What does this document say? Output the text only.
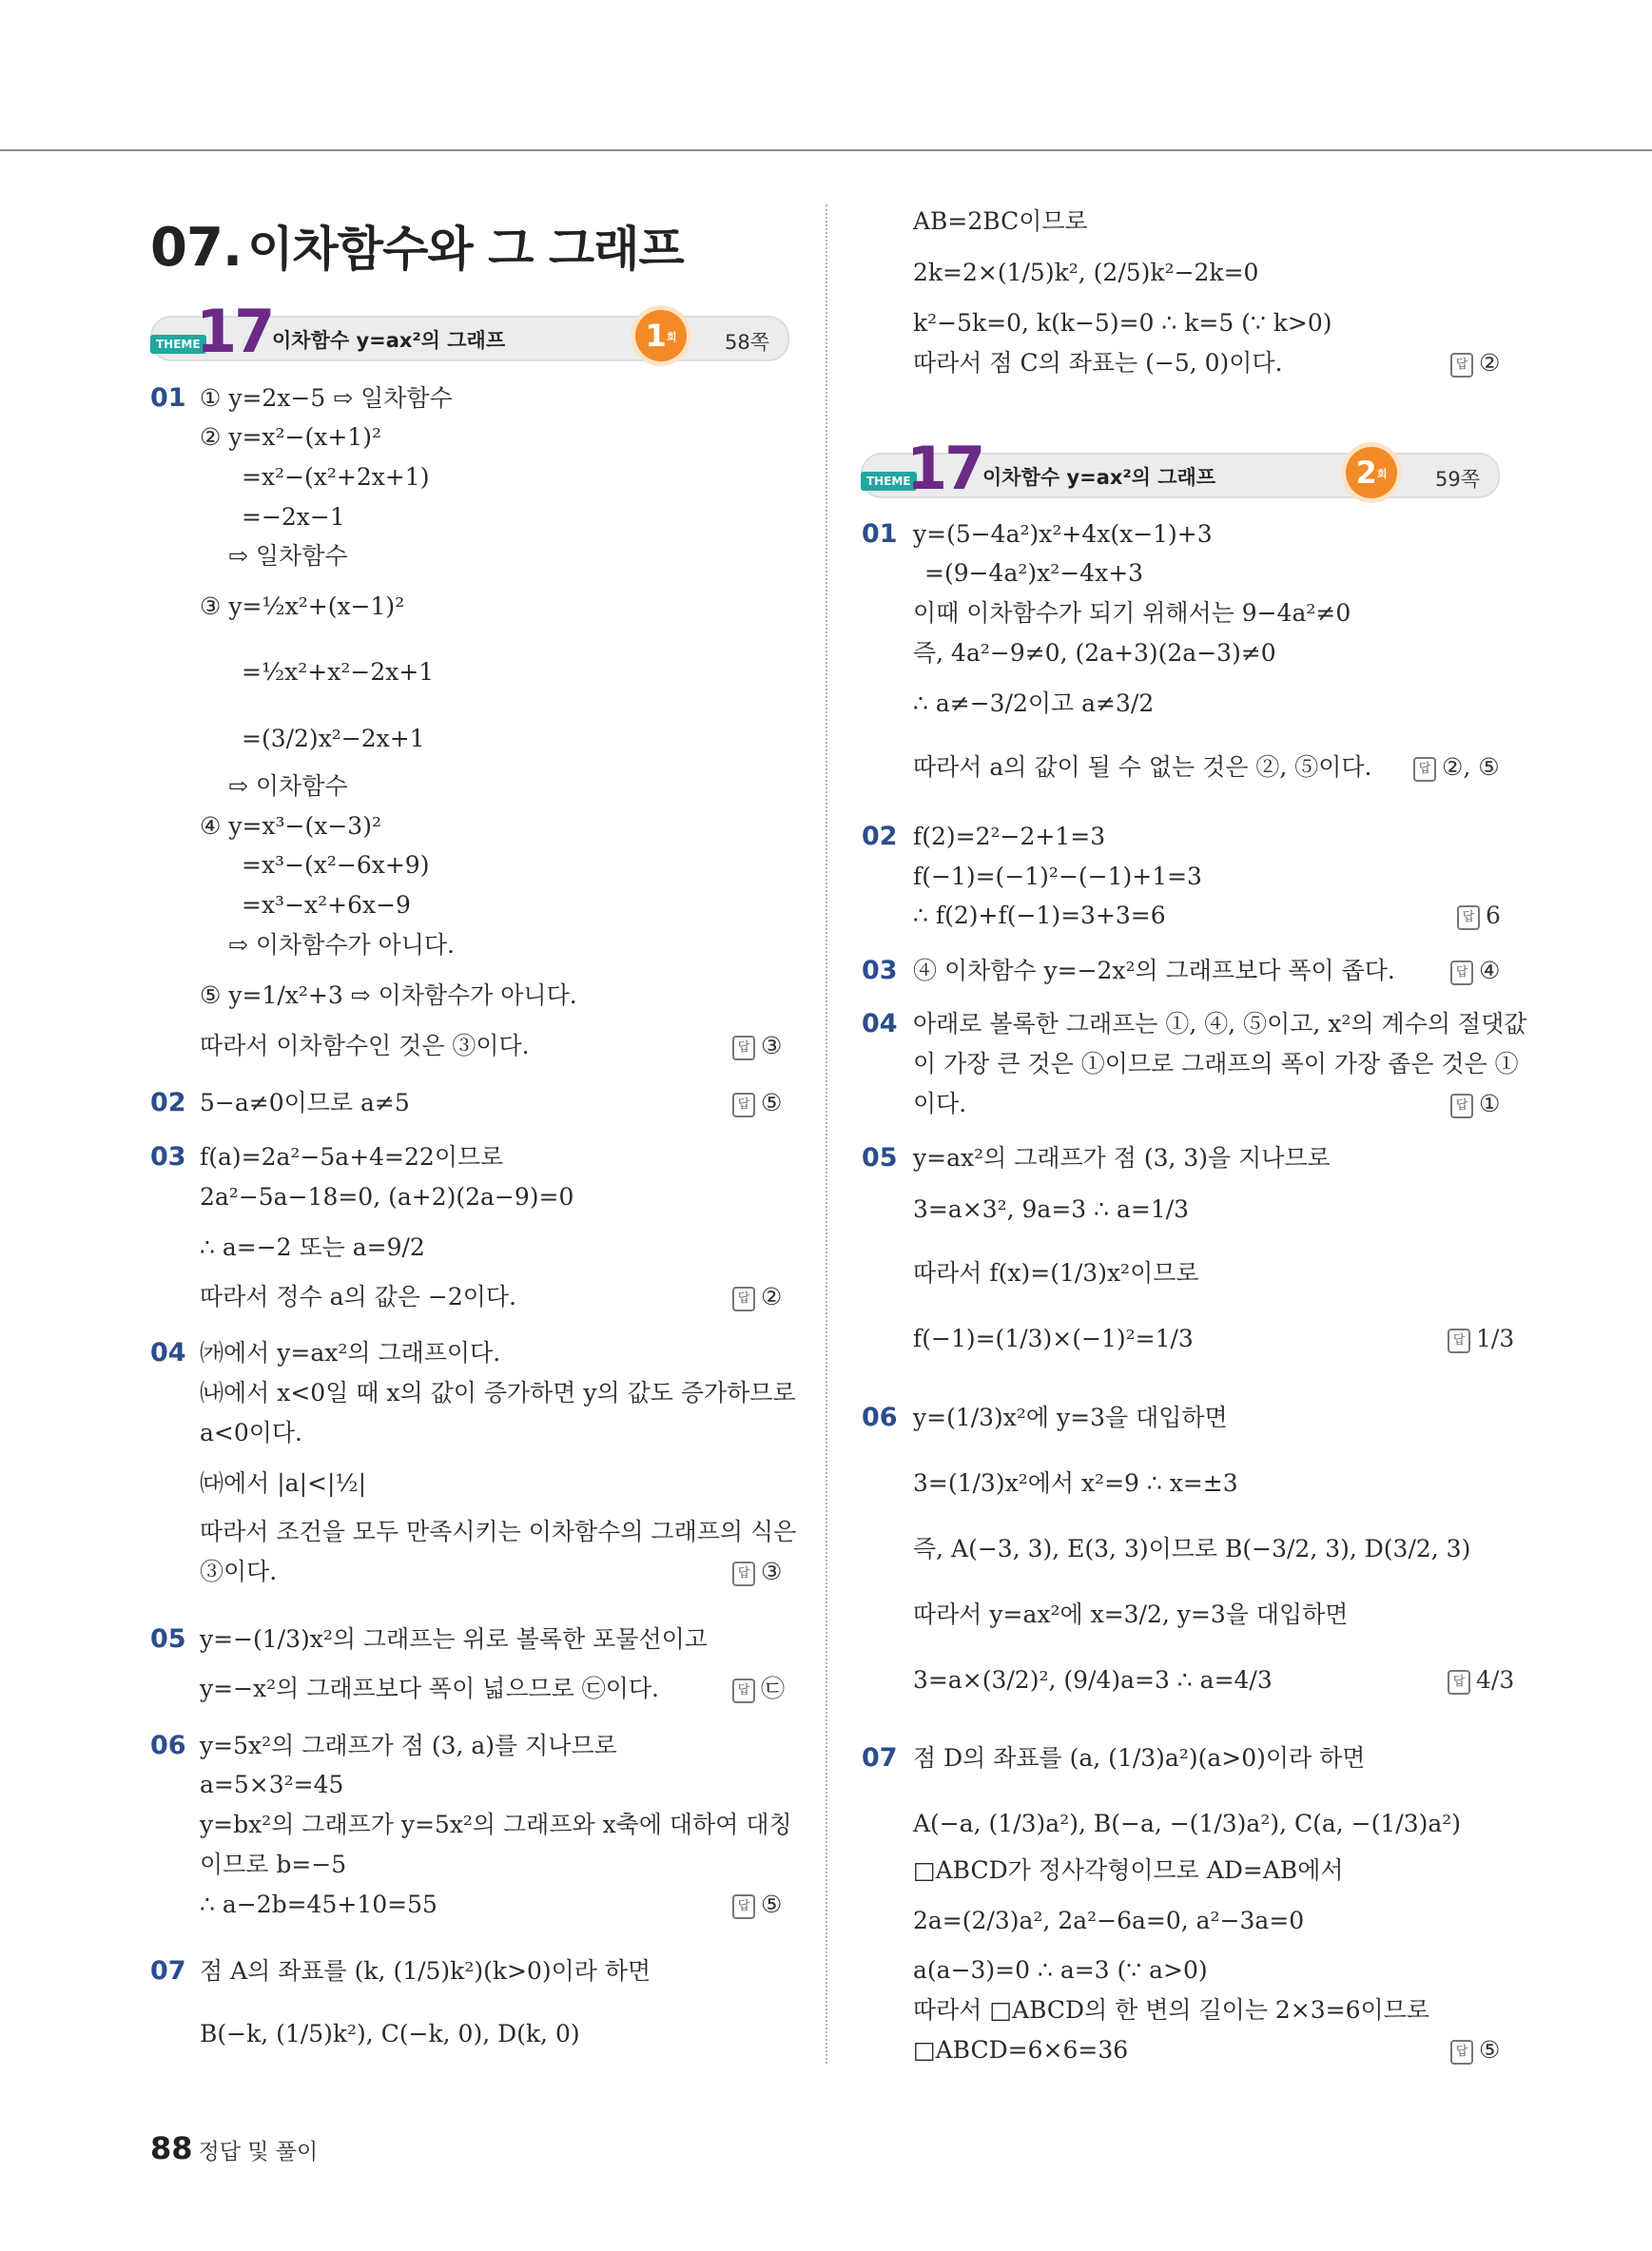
07. 이차함수와 그 그래프
THEME
17 이차함수 y=ax²의 그래프	1회	58쪽
THEME
17 이차함수 y=ax²의 그래프	2회	59쪽
01 ① y=2x−5 ⇨ 일차함수
② y=x²−(x+1)²
=x²−(x²+2x+1)
=−2x−1
⇨ 일차함수
③ y=½x²+(x−1)²
=½x²+x²−2x+1
=(3/2)x²−2x+1
⇨ 이차함수
④ y=x³−(x−3)²
=x³−(x²−6x+9)
=x³−x²+6x−9
⇨ 이차함수가 아니다.
⑤ y=1/x²+3 ⇨ 이차함수가 아니다.
따라서 이차함수인 것은 ③이다.	답 ③
02 5−a≠0이므로 a≠5	답 ⑤
03 f(a)=2a²−5a+4=22이므로
2a²−5a−18=0, (a+2)(2a−9)=0
∴ a=−2 또는 a=9/2
따라서 정수 a의 값은 −2이다.	답 ②
04 ㈎에서 y=ax²의 그래프이다.
㈏에서 x<0일 때 x의 값이 증가하면 y의 값도 증가하므로
a<0이다.
㈐에서 |a|<|½|
따라서 조건을 모두 만족시키는 이차함수의 그래프의 식은
③이다.	답 ③
05 y=−(1/3)x²의 그래프는 위로 볼록한 포물선이고
y=−x²의 그래프보다 폭이 넓으므로 ㉢이다.	답 ㉢
06 y=5x²의 그래프가 점 (3, a)를 지나므로
a=5×3²=45
y=bx²의 그래프가 y=5x²의 그래프와 x축에 대하여 대칭
이므로 b=−5
∴ a−2b=45+10=55	답 ⑤
07 점 A의 좌표를 (k, (1/5)k²)(k>0)이라 하면
B(−k, (1/5)k²), C(−k, 0), D(k, 0)
AB=2BC이므로
2k=2×(1/5)k², (2/5)k²−2k=0
k²−5k=0, k(k−5)=0 ∴ k=5 (∵ k>0)
따라서 점 C의 좌표는 (−5, 0)이다.	답 ②
01 y=(5−4a²)x²+4x(x−1)+3
=(9−4a²)x²−4x+3
이때 이차함수가 되기 위해서는 9−4a²≠0
즉, 4a²−9≠0, (2a+3)(2a−3)≠0
∴ a≠−3/2이고 a≠3/2
따라서 a의 값이 될 수 없는 것은 ②, ⑤이다.	답 ②, ⑤
02 f(2)=2²−2+1=3
f(−1)=(−1)²−(−1)+1=3
∴ f(2)+f(−1)=3+3=6	답 6
03 ④ 이차함수 y=−2x²의 그래프보다 폭이 좁다.	답 ④
04 아래로 볼록한 그래프는 ①, ④, ⑤이고, x²의 계수의 절댓값
이 가장 큰 것은 ①이므로 그래프의 폭이 가장 좁은 것은 ①
이다.	답 ①
05 y=ax²의 그래프가 점 (3, 3)을 지나므로
3=a×3², 9a=3 ∴ a=1/3
따라서 f(x)=(1/3)x²이므로
f(−1)=(1/3)×(−1)²=1/3	답 1/3
06 y=(1/3)x²에 y=3을 대입하면
3=(1/3)x²에서 x²=9 ∴ x=±3
즉, A(−3, 3), E(3, 3)이므로 B(−3/2, 3), D(3/2, 3)
따라서 y=ax²에 x=3/2, y=3을 대입하면
3=a×(3/2)², (9/4)a=3 ∴ a=4/3	답 4/3
07 점 D의 좌표를 (a, (1/3)a²)(a>0)이라 하면
A(−a, (1/3)a²), B(−a, −(1/3)a²), C(a, −(1/3)a²)
□ABCD가 정사각형이므로 AD=AB에서
2a=(2/3)a², 2a²−6a=0, a²−3a=0
a(a−3)=0 ∴ a=3 (∵ a>0)
따라서 □ABCD의 한 변의 길이는 2×3=6이므로
□ABCD=6×6=36	답 ⑤
88 정답 및 풀이
